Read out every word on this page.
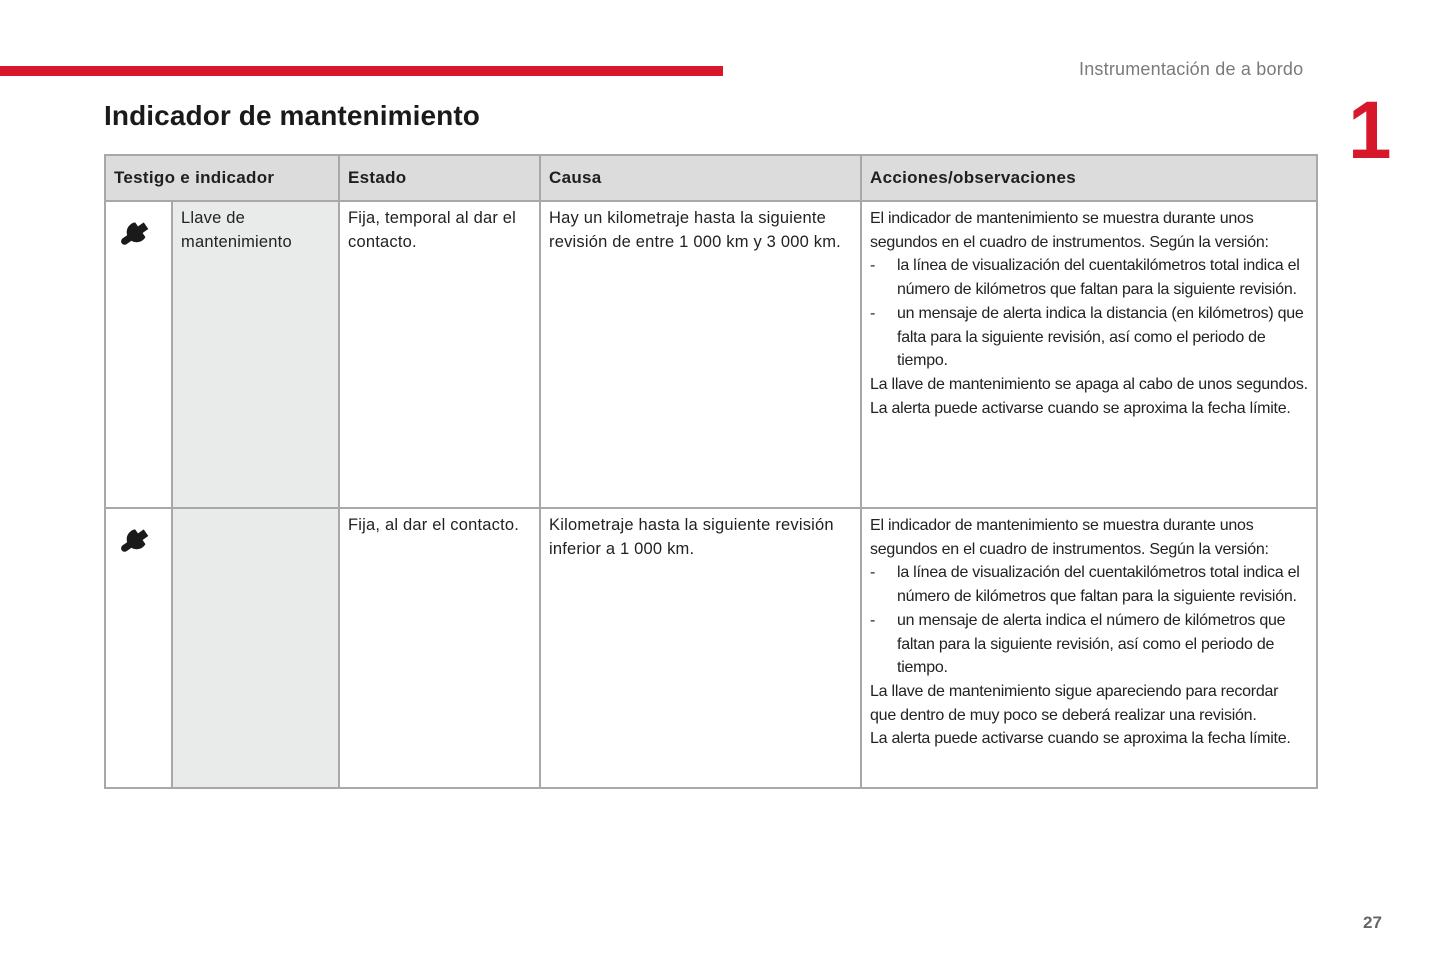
Instrumentación de a bordo
1
Indicador de mantenimiento
Testigo e indicador		Estado	Causa	Acciones/observaciones

	Llave de mantenimiento	Fija, temporal al dar el contacto.	Hay un kilometraje hasta la siguiente revisión de entre 1 000 km y 3 000 km.	
El indicador de mantenimiento se muestra durante unos segundos en el cuadro de instrumentos. Según la versión:
-	la línea de visualización del cuentakilómetros total indica el número de kilómetros que faltan para la siguiente revisión.
-	un mensaje de alerta indica la distancia (en kilómetros) que falta para la siguiente revisión, así como el periodo de tiempo.
La llave de mantenimiento se apaga al cabo de unos segundos.
La alerta puede activarse cuando se aproxima la fecha límite.

		Fija, al dar el contacto.	Kilometraje hasta la siguiente revisión inferior a 1 000 km.	
El indicador de mantenimiento se muestra durante unos segundos en el cuadro de instrumentos. Según la versión:
-	la línea de visualización del cuentakilómetros total indica el número de kilómetros que faltan para la siguiente revisión.
-	un mensaje de alerta indica el número de kilómetros que faltan para la siguiente revisión, así como el periodo de tiempo.
La llave de mantenimiento sigue apareciendo para recordar que dentro de muy poco se deberá realizar una revisión.
La alerta puede activarse cuando se aproxima la fecha límite.
27
